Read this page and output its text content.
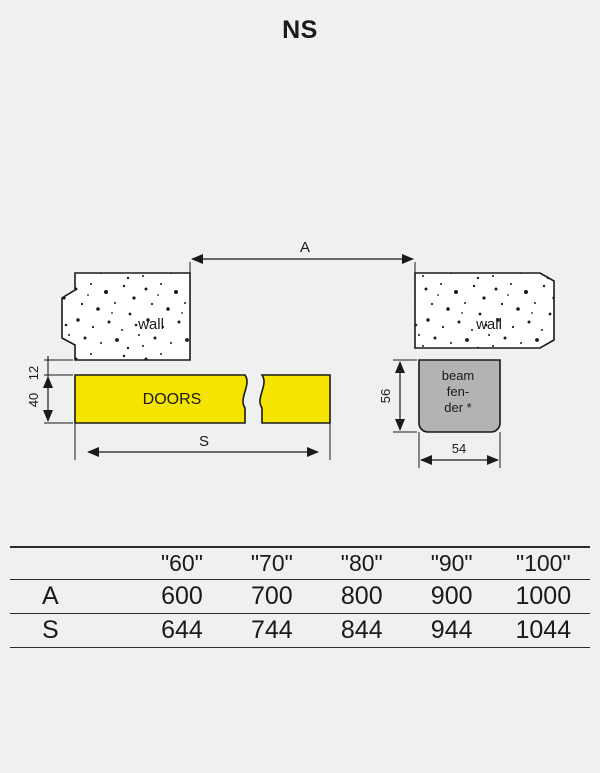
NS
wall	wall
A
DOORS
beam
fen-
der *
12
40
S
56
54
		"60"	"70"	"80"	"90"	"100"
A		600	700	800	900	1000
S		644	744	844	944	1044
